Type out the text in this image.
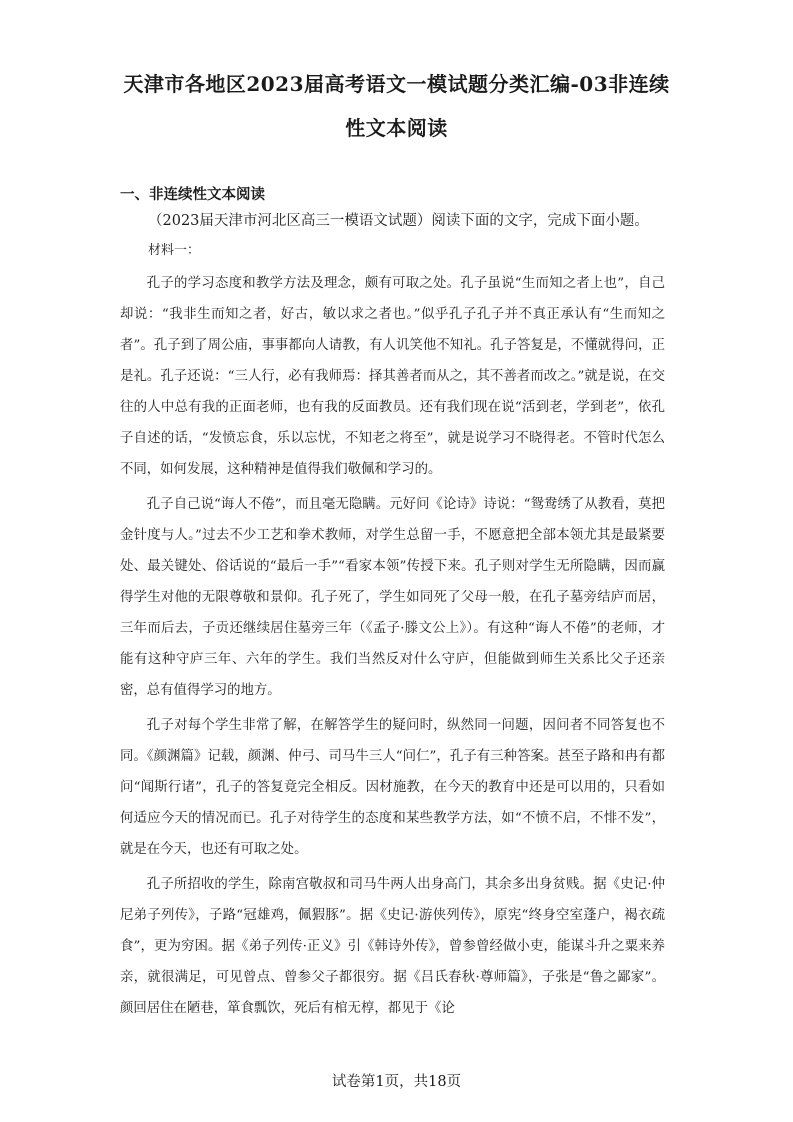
天津市各地区2023届高考语文一模试题分类汇编-03非连续性文本阅读
一、非连续性文本阅读
（2023届天津市河北区高三一模语文试题）阅读下面的文字，完成下面小题。
材料一：

孔子的学习态度和教学方法及理念，颇有可取之处。孔子虽说“生而知之者上也”，自己却说：“我非生而知之者，好古，敏以求之者也。”似乎孔子孔子并不真正承认有“生而知之者”。孔子到了周公庙，事事都向人请教，有人讥笑他不知礼。孔子答复是，不懂就得问，正是礼。孔子还说：“三人行，必有我师焉：择其善者而从之，其不善者而改之。”就是说，在交往的人中总有我的正面老师，也有我的反面教员。还有我们现在说“活到老，学到老”，依孔子自述的话，“发愤忘食，乐以忘忧，不知老之将至”，就是说学习不晓得老。不管时代怎么不同，如何发展，这种精神是值得我们敬佩和学习的。

孔子自己说“诲人不倦”，而且毫无隐瞒。元好问《论诗》诗说：“鸳鸯绣了从教看，莫把金针度与人。”过去不少工艺和拳术教师，对学生总留一手，不愿意把全部本领尤其是最紧要处、最关键处、俗话说的“最后一手”“看家本领”传授下来。孔子则对学生无所隐瞒，因而赢得学生对他的无限尊敬和景仰。孔子死了，学生如同死了父母一般，在孔子墓旁结庐而居，三年而后去，子贡还继续居住墓旁三年（《孟子·滕文公上》）。有这种“诲人不倦”的老师，才能有这种守庐三年、六年的学生。我们当然反对什么守庐，但能做到师生关系比父子还亲密，总有值得学习的地方。

孔子对每个学生非常了解，在解答学生的疑问时，纵然同一问题，因问者不同答复也不同。《颜渊篇》记载，颜渊、仲弓、司马牛三人“问仁”，孔子有三种答案。甚至子路和冉有都问“闻斯行诸”，孔子的答复竟完全相反。因材施教，在今天的教育中还是可以用的，只看如何适应今天的情况而已。孔子对待学生的态度和某些教学方法，如“不愤不启，不悱不发”，就是在今天，也还有可取之处。

孔子所招收的学生，除南宫敬叔和司马牛两人出身高门，其余多出身贫贱。据《史记·仲尼弟子列传》，子路“冠雄鸡，佩猳豚”。据《史记·游侠列传》，原宪“终身空室蓬户，褐衣疏食”，更为穷困。据《弟子列传·正义》引《韩诗外传》，曾参曾经做小吏，能谋斗升之粟来养亲，就很满足，可见曾点、曾参父子都很穷。据《吕氏春秋·尊师篇》，子张是“鲁之鄙家”。颜回居住在陋巷，箪食瓢饮，死后有棺无椁，都见于《论

试卷第1页，共18页
